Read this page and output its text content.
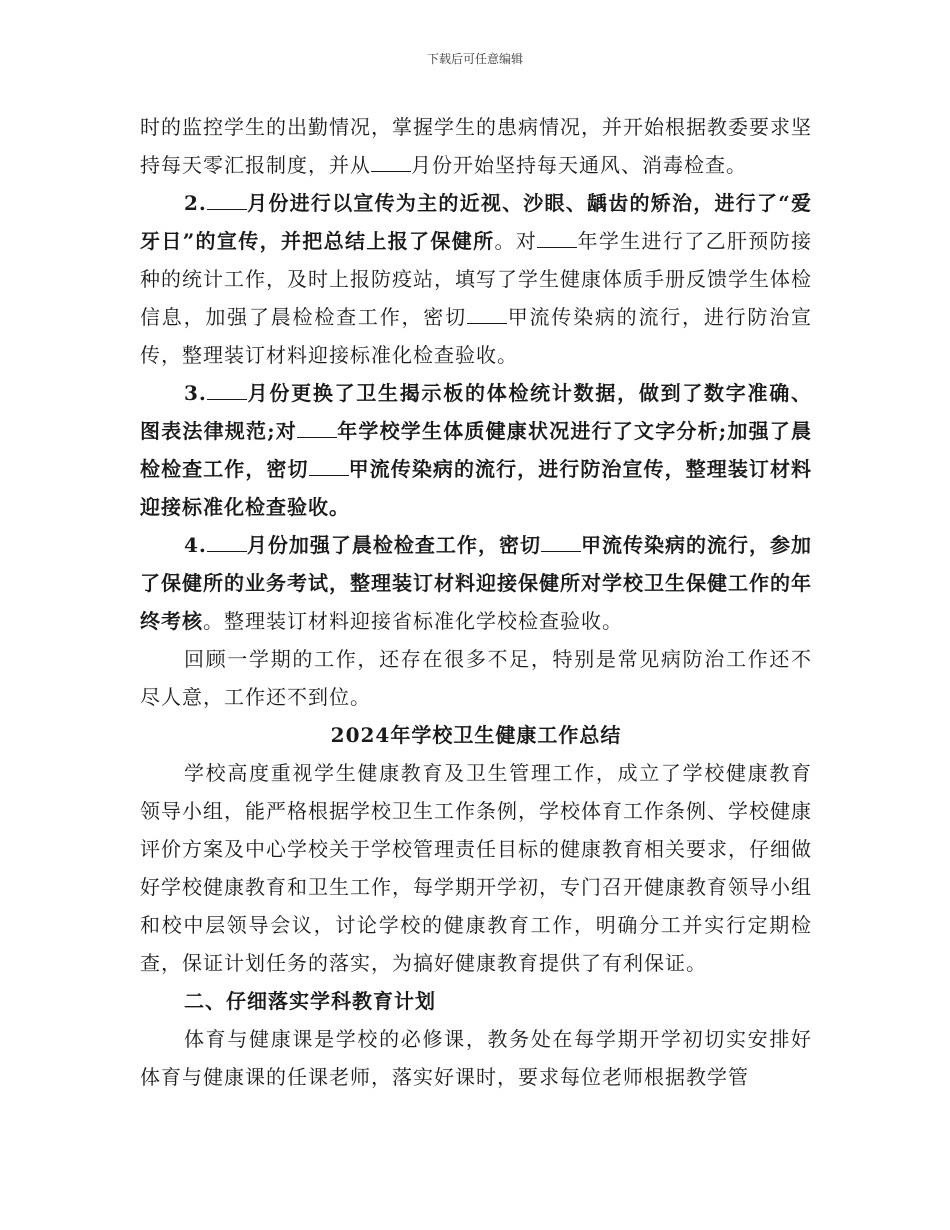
下载后可任意编辑

时的监控学生的出勤情况，掌握学生的患病情况，并开始根据教委要求坚持每天零汇报制度，并从 月份开始坚持每天通风、消毒检查。

2. 月份进行以宣传为主的近视、沙眼、龋齿的矫治，进行了“爱牙日”的宣传，并把总结上报了保健所。对 年学生进行了乙肝预防接种的统计工作，及时上报防疫站，填写了学生健康体质手册反馈学生体检信息，加强了晨检检查工作，密切 甲流传染病的流行，进行防治宣传，整理装订材料迎接标准化检查验收。

3. 月份更换了卫生揭示板的体检统计数据，做到了数字准确、图表法律规范;对 年学校学生体质健康状况进行了文字分析;加强了晨检检查工作，密切 甲流传染病的流行，进行防治宣传，整理装订材料迎接标准化检查验收。

4. 月份加强了晨检检查工作，密切 甲流传染病的流行，参加了保健所的业务考试，整理装订材料迎接保健所对学校卫生保健工作的年终考核。整理装订材料迎接省标准化学校检查验收。

回顾一学期的工作，还存在很多不足，特别是常见病防治工作还不尽人意，工作还不到位。

2024年学校卫生健康工作总结

学校高度重视学生健康教育及卫生管理工作，成立了学校健康教育领导小组，能严格根据学校卫生工作条例，学校体育工作条例、学校健康评价方案及中心学校关于学校管理责任目标的健康教育相关要求，仔细做好学校健康教育和卫生工作，每学期开学初，专门召开健康教育领导小组和校中层领导会议，讨论学校的健康教育工作，明确分工并实行定期检查，保证计划任务的落实，为搞好健康教育提供了有利保证。

二、仔细落实学科教育计划

体育与健康课是学校的必修课，教务处在每学期开学初切实安排好体育与健康课的任课老师，落实好课时，要求每位老师根据教学管
